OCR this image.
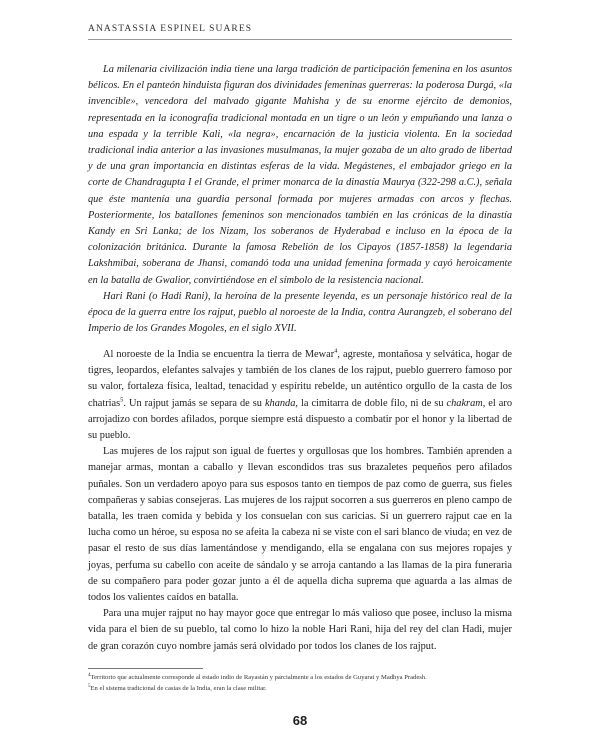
ANASTASSIA ESPINEL SUARES

La milenaria civilización india tiene una larga tradición de participación femenina en los asuntos bélicos. En el panteón hinduista figuran dos divinidades femeninas guerreras: la poderosa Durgá, «la invencible», vencedora del malvado gigante Mahisha y de su enorme ejército de demonios, representada en la iconografía tradicional montada en un tigre o un león y empuñando una lanza o una espada y la terrible Kali, «la negra», encarnación de la justicia violenta. En la sociedad tradicional india anterior a las invasiones musulmanas, la mujer gozaba de un alto grado de libertad y de una gran importancia en distintas esferas de la vida. Megástenes, el embajador griego en la corte de Chandragupta I el Grande, el primer monarca de la dinastía Maurya (322-298 a.C.), señala que éste mantenía una guardia personal formada por mujeres armadas con arcos y flechas. Posteriormente, los batallones femeninos son mencionados también en las crónicas de la dinastía Kandy en Sri Lanka; de los Nizam, los soberanos de Hyderabad e incluso en la época de la colonización británica. Durante la famosa Rebelión de los Cipayos (1857-1858) la legendaria Lakshmibai, soberana de Jhansi, comandó toda una unidad femenina formada y cayó heroicamente en la batalla de Gwalior, convirtiéndose en el símbolo de la resistencia nacional.

Hari Rani (o Hadi Rani), la heroína de la presente leyenda, es un personaje histórico real de la época de la guerra entre los rajput, pueblo al noroeste de la India, contra Aurangzeb, el soberano del Imperio de los Grandes Mogoles, en el siglo XVII.

Al noroeste de la India se encuentra la tierra de Mewar$^4$, agreste, montañosa y selvática, hogar de tigres, leopardos, elefantes salvajes y también de los clanes de los rajput, pueblo guerrero famoso por su valor, fortaleza física, lealtad, tenacidad y espíritu rebelde, un auténtico orgullo de la casta de los chatrias$^5$. Un rajput jamás se separa de su khanda, la cimitarra de doble filo, ni de su chakram, el aro arrojadizo con bordes afilados, porque siempre está dispuesto a combatir por el honor y la libertad de su pueblo.

Las mujeres de los rajput son igual de fuertes y orgullosas que los hombres. También aprenden a manejar armas, montan a caballo y llevan escondidos tras sus brazaletes pequeños pero afilados puñales. Son un verdadero apoyo para sus esposos tanto en tiempos de paz como de guerra, sus fieles compañeras y sabias consejeras. Las mujeres de los rajput socorren a sus guerreros en pleno campo de batalla, les traen comida y bebida y los consuelan con sus caricias. Si un guerrero rajput cae en la lucha como un héroe, su esposa no se afeita la cabeza ni se viste con el sari blanco de viuda; en vez de pasar el resto de sus días lamentándose y mendigando, ella se engalana con sus mejores ropajes y joyas, perfuma su cabello con aceite de sándalo y se arroja cantando a las llamas de la pira funeraria de su compañero para poder gozar junto a él de aquella dicha suprema que aguarda a las almas de todos los valientes caídos en batalla.

Para una mujer rajput no hay mayor goce que entregar lo más valioso que posee, incluso la misma vida para el bien de su pueblo, tal como lo hizo la noble Hari Rani, hija del rey del clan Hadi, mujer de gran corazón cuyo nombre jamás será olvidado por todos los clanes de los rajput.

$^4$Territorio que actualmente corresponde al estado indio de Rayastán y parcialmente a los estados de Guyarat y Madhya Pradesh.

$^5$En el sistema tradicional de castas de la India, eran la clase militar.

68
